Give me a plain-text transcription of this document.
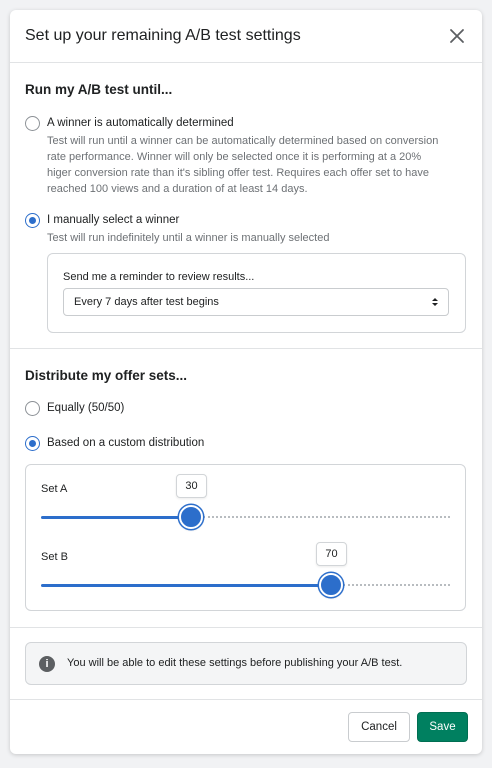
Set up your remaining A/B test settings
Run my A/B test until...
A winner is automatically determined
Test will run until a winner can be automatically determined based on conversion
rate performance. Winner will only be selected once it is performing at a 20%
higer conversion rate than it's sibling offer test. Requires each offer set to have
reached 100 views and a duration of at least 14 days.
I manually select a winner
Test will run indefinitely until a winner is manually selected
Send me a reminder to review results...
Every 7 days after test begins
Distribute my offer sets...
Equally (50/50)
Based on a custom distribution
Set A	30
Set B	70
i	You will be able to edit these settings before publishing your A/B test.
Cancel	Save
